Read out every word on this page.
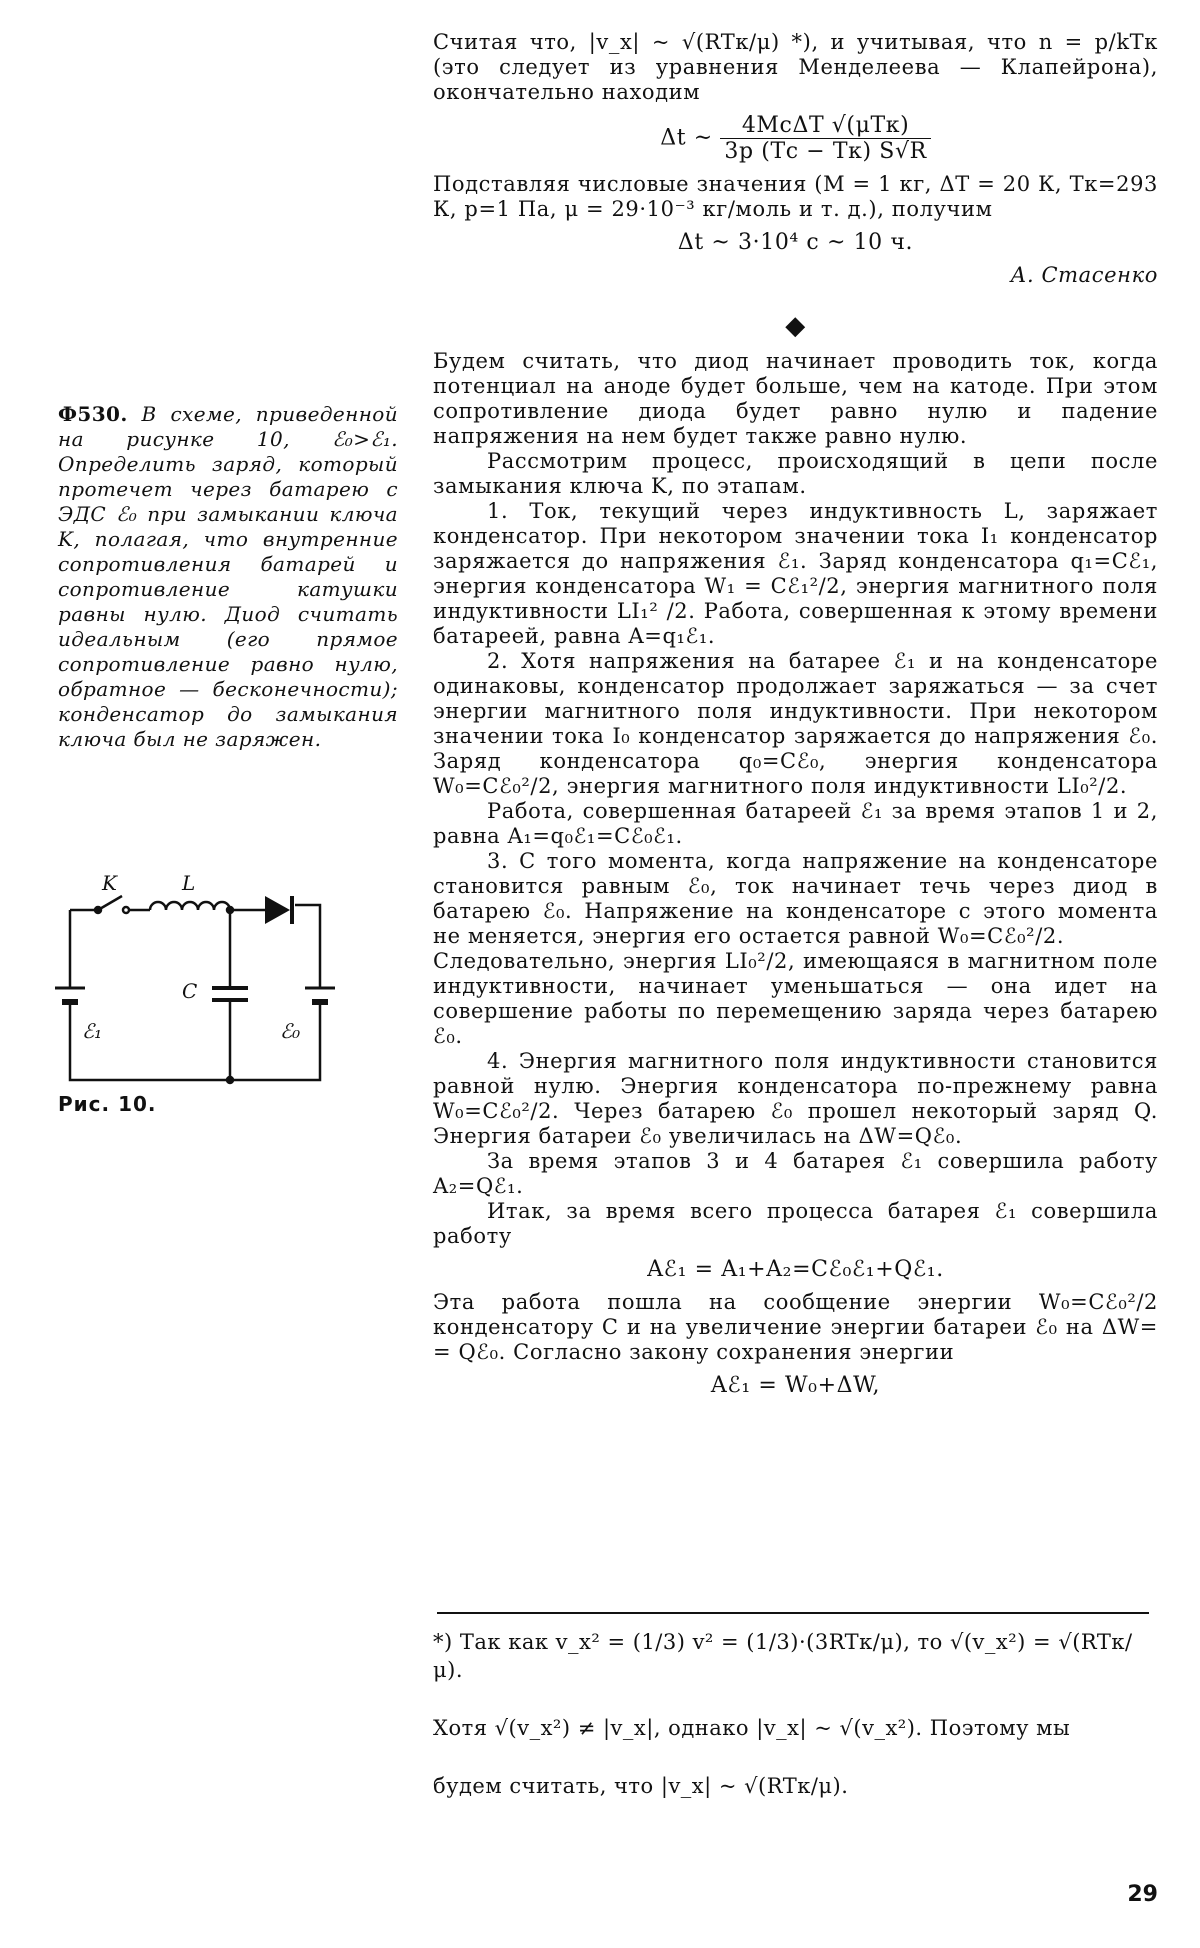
Считая что, |v_x| ~ √(RTк/μ) *), и учитывая, что n = p/kTк (это следует из уравнения Менделеева — Клапейрона), окончательно находим

Δt ~ $\frac{\text{4McΔT √(μTк)}}{3p (Tс - Tк) S√R}$

Подставляя числовые значения (M = 1 кг, ΔT = 20 К, Tк=293 К, p=1 Па, μ = 29·10⁻³ кг/моль и т. д.), получим

Δt ~ 3·10⁴ с ~ 10 ч.

А. Стасенко

◆

Будем считать, что диод начинает проводить ток, когда потенциал на аноде будет больше, чем на катоде. При этом сопротивление диода будет равно нулю и падение напряжения на нем будет также равно нулю.

Рассмотрим процесс, происходящий в цепи после замыкания ключа K, по этапам.

1. Ток, текущий через индуктивность L, заряжает конденсатор. При некотором значении тока I₁ конденсатор заряжается до напряжения ℰ₁. Заряд конденсатора q₁=Cℰ₁, энергия конденсатора W₁ = Cℰ₁²/2, энергия магнитного поля индуктивности LI₁² /2. Работа, совершенная к этому времени батареей, равна A=q₁ℰ₁.

2. Хотя напряжения на батарее ℰ₁ и на конденсаторе одинаковы, конденсатор продолжает заряжаться — за счет энергии магнитного поля индуктивности. При некотором значении тока I₀ конденсатор заряжается до напряжения ℰ₀. Заряд конденсатора q₀=Cℰ₀, энергия конденсатора W₀=Cℰ₀²/2, энергия магнитного поля индуктивности LI₀²/2.

Работа, совершенная батареей ℰ₁ за время этапов 1 и 2, равна A₁=q₀ℰ₁=Cℰ₀ℰ₁.

3. С того момента, когда напряжение на конденсаторе становится равным ℰ₀, ток начинает течь через диод в батарею ℰ₀. Напряжение на конденсаторе с этого момента не меняется, энергия его остается равной W₀=Cℰ₀²/2.

Следовательно, энергия LI₀²/2, имеющаяся в магнитном поле индуктивности, начинает уменьшаться — она идет на совершение работы по перемещению заряда через батарею ℰ₀.

4. Энергия магнитного поля индуктивности становится равной нулю. Энергия конденсатора по-прежнему равна W₀=Cℰ₀²/2. Через батарею ℰ₀ прошел некоторый заряд Q. Энергия батареи ℰ₀ увеличилась на ΔW=Qℰ₀.

За время этапов 3 и 4 батарея ℰ₁ совершила работу A₂=Qℰ₁.

Итак, за время всего процесса батарея ℰ₁ совершила работу

Aℰ₁ = A₁+A₂=Cℰ₀ℰ₁+Qℰ₁.

Эта работа пошла на сообщение энергии W₀=Cℰ₀²/2 конденсатору C и на увеличение энергии батареи ℰ₀ на ΔW= = Qℰ₀. Согласно закону сохранения энергии

Aℰ₁ = W₀+ΔW,

Ф530. В схеме, приведенной на рисунке 10, ℰ₀>ℰ₁. Определить заряд, который протечет через батарею с ЭДС ℰ₀ при замыкании ключа K, полагая, что внутренние сопротивления батарей и сопротивление катушки равны нулю. Диод считать идеальным (его прямое сопротивление равно нулю, обратное — бесконечности); конденсатор до замыкания ключа был не заряжен.
K	L
C
ℰ₁	ℰ₀
Рис. 10.

*) Так как v_x² = (1/3) v² = (1/3)·(3RTк/μ), то √(v_x²) = √(RTк/μ).

Хотя √(v_x²) ≠ |v_x|, однако |v_x| ~ √(v_x²). Поэтому мы

будем считать, что |v_x| ~ √(RTк/μ).

29
